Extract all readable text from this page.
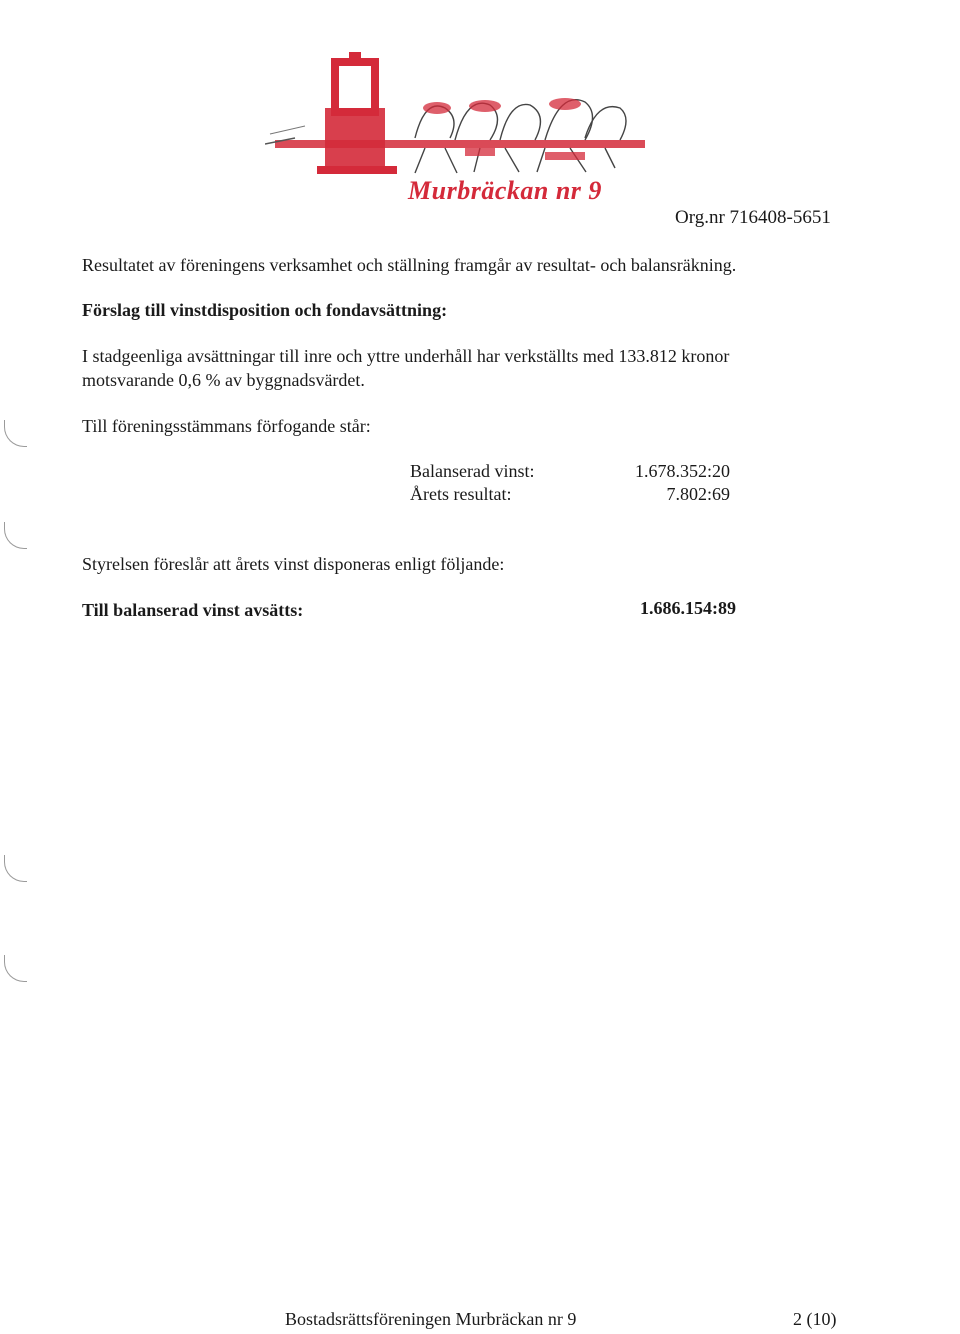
Murbräckan nr 9
Org.nr 716408-5651
Resultatet av föreningens verksamhet och ställning framgår av resultat- och balansräkning.
Förslag till vinstdisposition och fondavsättning:
I stadgeenliga avsättningar till inre och yttre underhåll har verkställts med 133.812 kronor
motsvarande 0,6 % av byggnadsvärdet.
Till föreningsstämmans förfogande står:
Balanserad vinst:	1.678.352:20
Årets resultat:	7.802:69
Styrelsen föreslår att årets vinst disponeras enligt följande:
Till balanserad vinst avsätts:	1.686.154:89
Bostadsrättsföreningen Murbräckan nr 9	2 (10)
